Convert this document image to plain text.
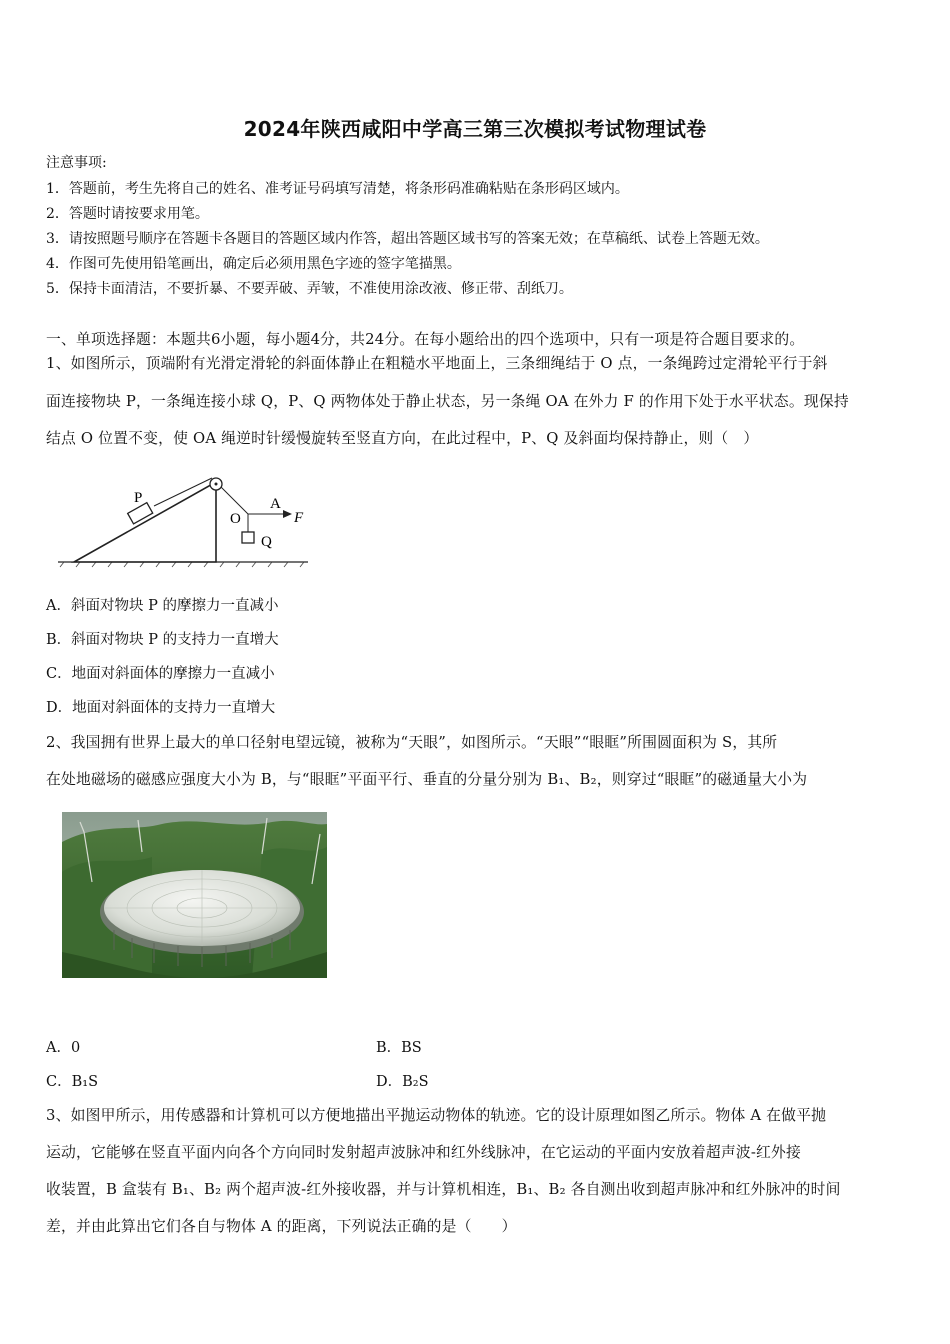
2024年陕西咸阳中学高三第三次模拟考试物理试卷
注意事项:
1．答题前，考生先将自己的姓名、准考证号码填写清楚，将条形码准确粘贴在条形码区域内。
2．答题时请按要求用笔。
3．请按照题号顺序在答题卡各题目的答题区域内作答，超出答题区域书写的答案无效；在草稿纸、试卷上答题无效。
4．作图可先使用铅笔画出，确定后必须用黑色字迹的签字笔描黑。
5．保持卡面清洁，不要折暴、不要弄破、弄皱，不准使用涂改液、修正带、刮纸刀。
一、单项选择题：本题共6小题，每小题4分，共24分。在每小题给出的四个选项中，只有一项是符合题目要求的。
1、如图所示，顶端附有光滑定滑轮的斜面体静止在粗糙水平地面上，三条细绳结于 O 点，一条绳跨过定滑轮平行于斜
面连接物块 P，一条绳连接小球 Q，P、Q 两物体处于静止状态，另一条绳 OA 在外力 F 的作用下处于水平状态。现保持
结点 O 位置不变，使 OA 绳逆时针缓慢旋转至竖直方向，在此过程中，P、Q 及斜面均保持静止，则（　）
P
O
A
F
Q
A．斜面对物块 P 的摩擦力一直减小
B．斜面对物块 P 的支持力一直增大
C．地面对斜面体的摩擦力一直减小
D．地面对斜面体的支持力一直增大
2、我国拥有世界上最大的单口径射电望远镜，被称为“天眼”，如图所示。“天眼”“眼眶”所围圆面积为 S，其所
在处地磁场的磁感应强度大小为 B，与“眼眶”平面平行、垂直的分量分别为 B₁、B₂，则穿过“眼眶”的磁通量大小为
A．0	B．BS
C．B₁S	D．B₂S
3、如图甲所示，用传感器和计算机可以方便地描出平抛运动物体的轨迹。它的设计原理如图乙所示。物体 A 在做平抛
运动，它能够在竖直平面内向各个方向同时发射超声波脉冲和红外线脉冲，在它运动的平面内安放着超声波-红外接
收装置，B 盒装有 B₁、B₂ 两个超声波-红外接收器，并与计算机相连，B₁、B₂ 各自测出收到超声脉冲和红外脉冲的时间
差，并由此算出它们各自与物体 A 的距离，下列说法正确的是（　　）
